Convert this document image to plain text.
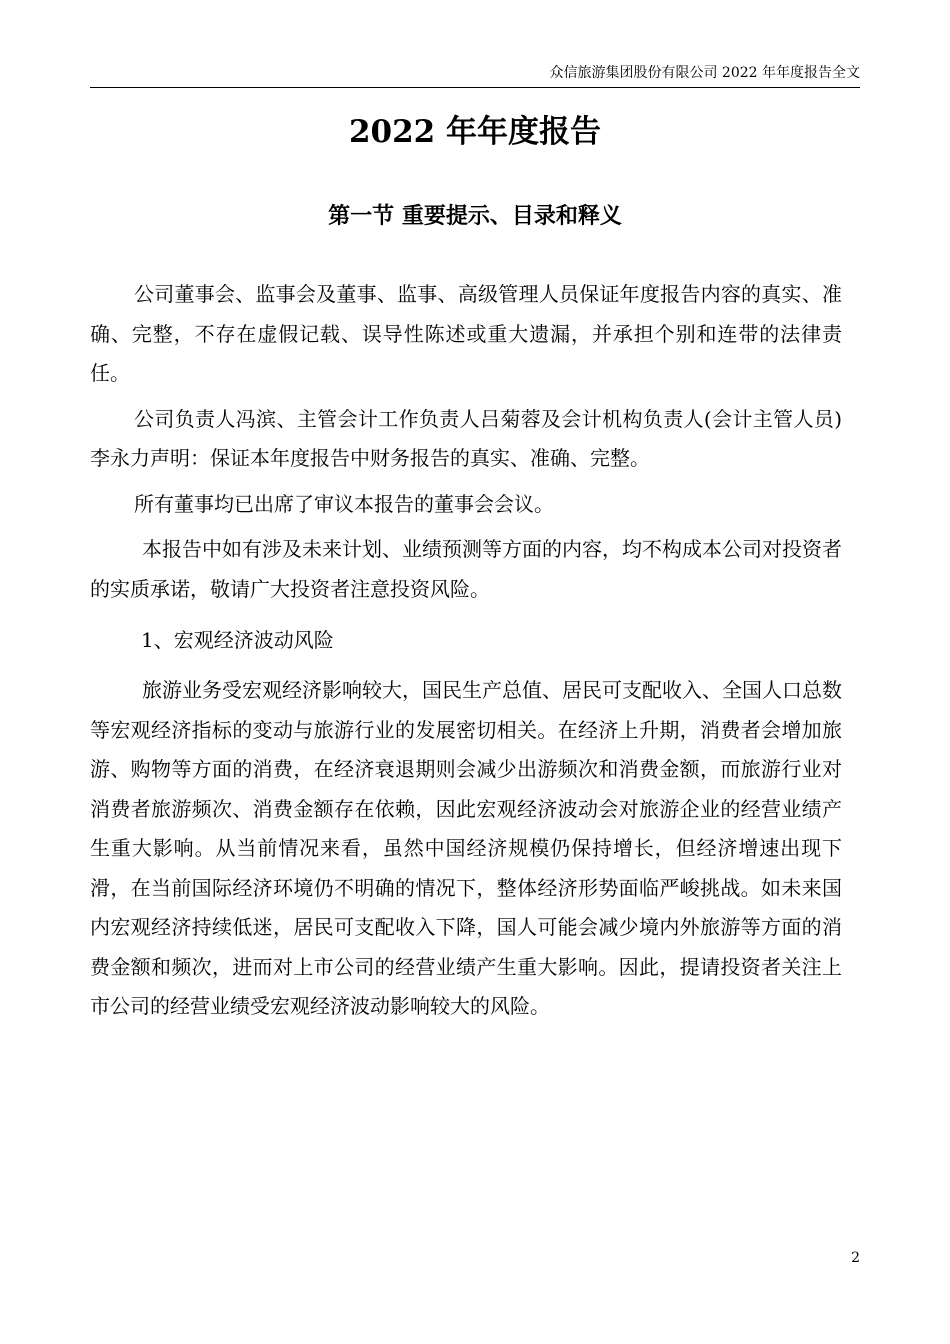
众信旅游集团股份有限公司 2022 年年度报告全文
2022 年年度报告
第一节 重要提示、目录和释义

公司董事会、监事会及董事、监事、高级管理人员保证年度报告内容的真实、准确、完整，不存在虚假记载、误导性陈述或重大遗漏，并承担个别和连带的法律责任。

公司负责人冯滨、主管会计工作负责人吕菊蓉及会计机构负责人(会计主管人员)李永力声明：保证本年度报告中财务报告的真实、准确、完整。

所有董事均已出席了审议本报告的董事会会议。

本报告中如有涉及未来计划、业绩预测等方面的内容，均不构成本公司对投资者的实质承诺，敬请广大投资者注意投资风险。

1、宏观经济波动风险

旅游业务受宏观经济影响较大，国民生产总值、居民可支配收入、全国人口总数等宏观经济指标的变动与旅游行业的发展密切相关。在经济上升期，消费者会增加旅游、购物等方面的消费，在经济衰退期则会减少出游频次和消费金额，而旅游行业对消费者旅游频次、消费金额存在依赖，因此宏观经济波动会对旅游企业的经营业绩产生重大影响。从当前情况来看，虽然中国经济规模仍保持增长，但经济增速出现下滑，在当前国际经济环境仍不明确的情况下，整体经济形势面临严峻挑战。如未来国内宏观经济持续低迷，居民可支配收入下降，国人可能会减少境内外旅游等方面的消费金额和频次，进而对上市公司的经营业绩产生重大影响。因此，提请投资者关注上市公司的经营业绩受宏观经济波动影响较大的风险。

2
